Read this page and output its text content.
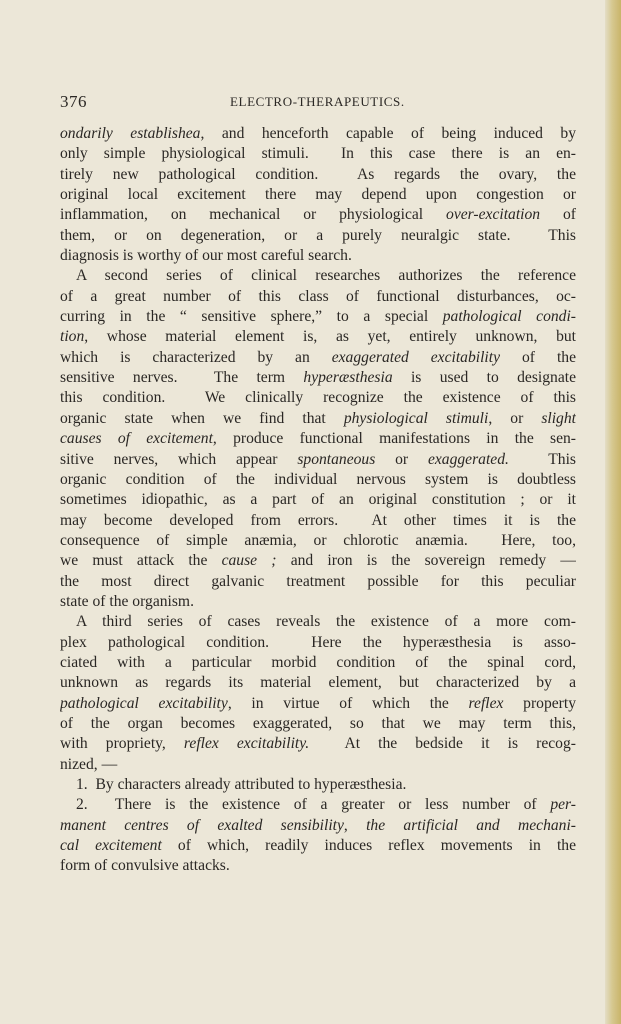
376	ELECTRO-THERAPEUTICS.
ondarily establishea, and henceforth capable of being induced by
only simple physiological stimuli.  In this case there is an en-
tirely new pathological condition.  As regards the ovary, the
original local excitement there may depend upon congestion or
inflammation, on mechanical or physiological over-excitation of
them, or on degeneration, or a purely neuralgic state.  This
diagnosis is worthy of our most careful search.
A second series of clinical researches authorizes the reference
of a great number of this class of functional disturbances, oc-
curring in the “ sensitive sphere,” to a special pathological condi-
tion, whose material element is, as yet, entirely unknown, but
which is characterized by an exaggerated excitability of the
sensitive nerves.  The term hyperæsthesia is used to designate
this condition.  We clinically recognize the existence of this
organic state when we find that physiological stimuli, or slight
causes of excitement, produce functional manifestations in the sen-
sitive nerves, which appear spontaneous or exaggerated.  This
organic condition of the individual nervous system is doubtless
sometimes idiopathic, as a part of an original constitution ; or it
may become developed from errors.  At other times it is the
consequence of simple anæmia, or chlorotic anæmia.  Here, too,
we must attack the cause ; and iron is the sovereign remedy —
the most direct galvanic treatment possible for this peculiar
state of the organism.
A third series of cases reveals the existence of a more com-
plex pathological condition.  Here the hyperæsthesia is asso-
ciated with a particular morbid condition of the spinal cord,
unknown as regards its material element, but characterized by a
pathological excitability, in virtue of which the reflex property
of the organ becomes exaggerated, so that we may term this,
with propriety, reflex excitability.  At the bedside it is recog-
nized, —
1.  By characters already attributed to hyperæsthesia.
2.  There is the existence of a greater or less number of per-
manent centres of exalted sensibility, the artificial and mechani-
cal excitement of which, readily induces reflex movements in the
form of convulsive attacks.
